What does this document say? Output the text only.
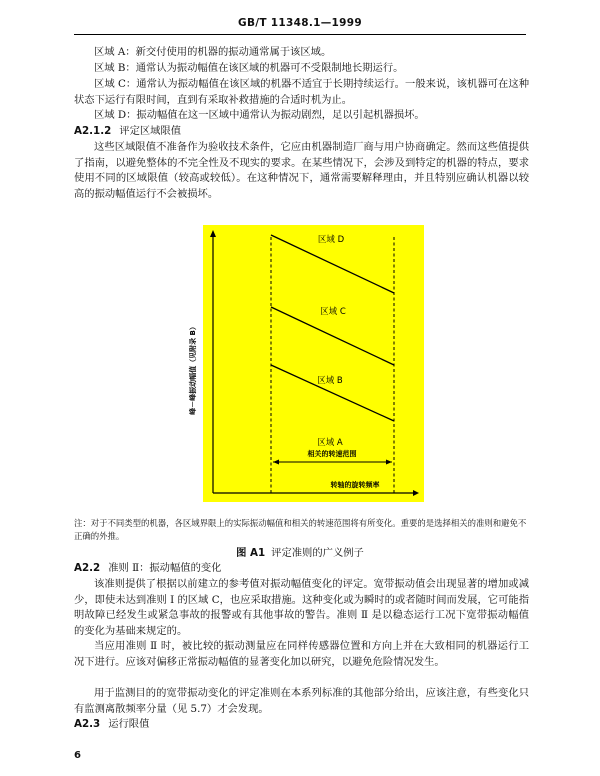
GB/T 11348.1—1999

区域 A：新交付使用的机器的振动通常属于该区域。

区域 B：通常认为振动幅值在该区域的机器可不受限制地长期运行。

区域 C：通常认为振动幅值在该区域的机器不适宜于长期持续运行。一般来说，该机器可在这种状态下运行有限时间，直到有采取补救措施的合适时机为止。

区域 D：振动幅值在这一区域中通常认为振动剧烈，足以引起机器损坏。

A2.1.2 评定区域限值

这些区域限值不准备作为验收技术条件，它应由机器制造厂商与用户协商确定。然而这些值提供了指南，以避免整体的不完全性及不现实的要求。在某些情况下，会涉及到特定的机器的特点，要求使用不同的区域限值（较高或较低）。在这种情况下，通常需要解释理由，并且特别应确认机器以较高的振动幅值运行不会被损坏。

区域 D
区域 C
区域 B
区域 A
相关的转速范围
转轴的旋转频率
峰－峰振动幅值（见附录 B）

注：对于不同类型的机器，各区域界限上的实际振动幅值和相关的转速范围将有所变化。重要的是选择相关的准则和避免不正确的外推。

图 A1 评定准则的广义例子
A2.2 准则 Ⅱ：振动幅值的变化

该准则提供了根据以前建立的参考值对振动幅值变化的评定。宽带振动值会出现显著的增加或减少，即使未达到准则 Ⅰ 的区域 C，也应采取措施。这种变化或为瞬时的或者随时间而发展，它可能指明故障已经发生或紧急事故的报警或有其他事故的警告。准则 Ⅱ 是以稳态运行工况下宽带振动幅值的变化为基础来规定的。

当应用准则 Ⅱ 时，被比较的振动测量应在同样传感器位置和方向上并在大致相同的机器运行工况下进行。应该对偏移正常振动幅值的显著变化加以研究，以避免危险情况发生。

用于监测目的的宽带振动变化的评定准则在本系列标准的其他部分给出，应该注意，有些变化只有监测离散频率分量（见 5.7）才会发现。

A2.3 运行限值
6
